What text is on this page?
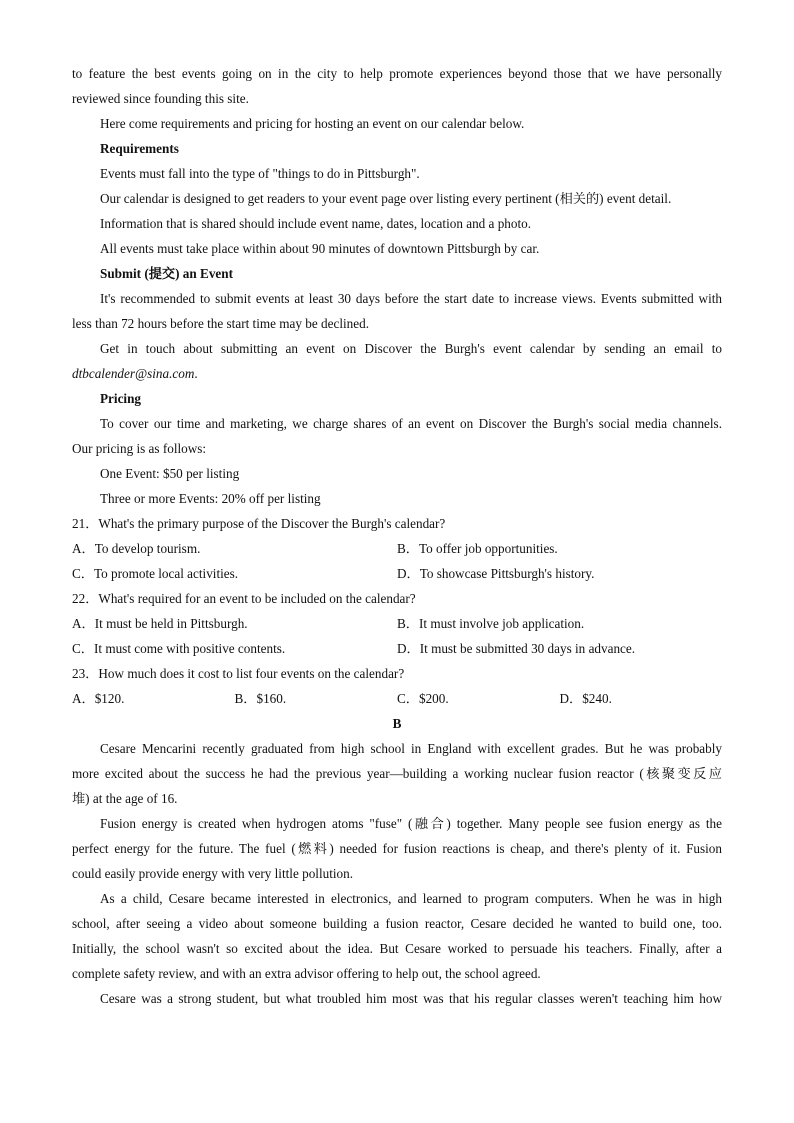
to feature the best events going on in the city to help promote experiences beyond those that we have personally
reviewed since founding this site.
Here come requirements and pricing for hosting an event on our calendar below.
Requirements
Events must fall into the type of "things to do in Pittsburgh".
Our calendar is designed to get readers to your event page over listing every pertinent (相关的) event detail.
Information that is shared should include event name, dates, location and a photo.
All events must take place within about 90 minutes of downtown Pittsburgh by car.
Submit (提交) an Event
It's recommended to submit events at least 30 days before the start date to increase views. Events submitted with
less than 72 hours before the start time may be declined.
Get in touch about submitting an event on Discover the Burgh's event calendar by sending an email to
dtbcalender@sina.com.
Pricing
To cover our time and marketing, we charge shares of an event on Discover the Burgh's social media channels.
Our pricing is as follows:
One Event: $50 per listing
Three or more Events: 20% off per listing
21．What's the primary purpose of the Discover the Burgh's calendar?
A．To develop tourism.	B．To offer job opportunities.
C．To promote local activities.	D．To showcase Pittsburgh's history.
22．What's required for an event to be included on the calendar?
A．It must be held in Pittsburgh.	B．It must involve job application.
C．It must come with positive contents.	D．It must be submitted 30 days in advance.
23．How much does it cost to list four events on the calendar?
A．$120.	B．$160.	C．$200.	D．$240.
B
Cesare Mencarini recently graduated from high school in England with excellent grades. But he was probably
more excited about the success he had the previous year—building a working nuclear fusion reactor (核聚变反应
堆) at the age of 16.
Fusion energy is created when hydrogen atoms "fuse" (融合) together. Many people see fusion energy as the
perfect energy for the future. The fuel (燃料) needed for fusion reactions is cheap, and there's plenty of it. Fusion
could easily provide energy with very little pollution.
As a child, Cesare became interested in electronics, and learned to program computers. When he was in high
school, after seeing a video about someone building a fusion reactor, Cesare decided he wanted to build one, too.
Initially, the school wasn't so excited about the idea. But Cesare worked to persuade his teachers. Finally, after a
complete safety review, and with an extra advisor offering to help out, the school agreed.
Cesare was a strong student, but what troubled him most was that his regular classes weren't teaching him how
